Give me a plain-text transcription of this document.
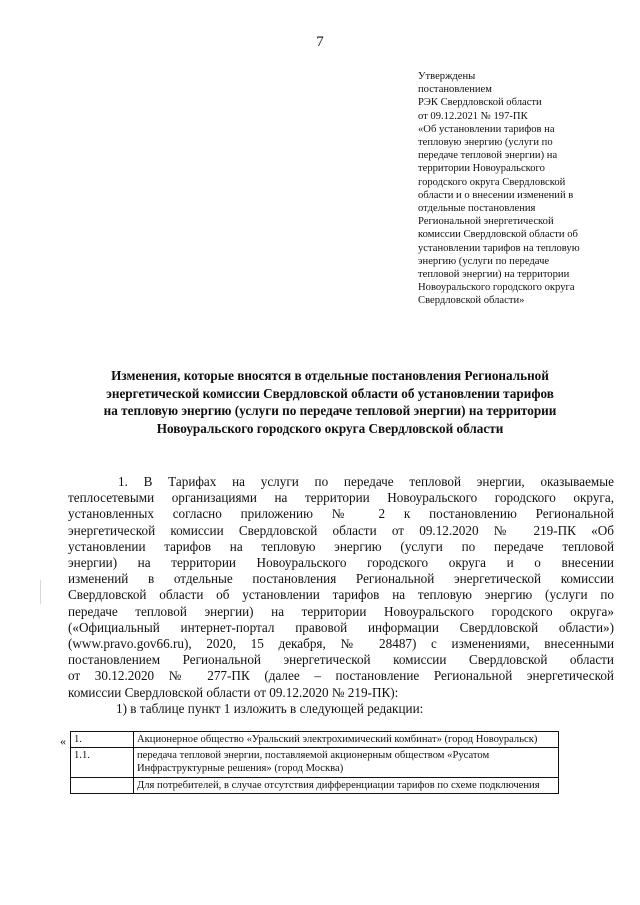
7
Утверждены
постановлением
РЭК Свердловской области
от 09.12.2021 № 197-ПК
«Об установлении тарифов на
тепловую энергию (услуги по
передаче тепловой энергии) на
территории Новоуральского
городского округа Свердловской
области и о внесении изменений в
отдельные постановления
Региональной энергетической
комиссии Свердловской области об
установлении тарифов на тепловую
энергию (услуги по передаче
тепловой энергии) на территории
Новоуральского городского округа
Свердловской области»
Изменения, которые вносятся в отдельные постановления Региональной
энергетической комиссии Свердловской области об установлении тарифов
на тепловую энергию (услуги по передаче тепловой энергии) на территории
Новоуральского городского округа Свердловской области
1. В Тарифах на услуги по передаче тепловой энергии, оказываемые
теплосетевыми организациями на территории Новоуральского городского округа,
установленных согласно приложению № 2 к постановлению Региональной
энергетической комиссии Свердловской области от 09.12.2020 № 219-ПК «Об
установлении тарифов на тепловую энергию (услуги по передаче тепловой
энергии) на территории Новоуральского городского округа и о внесении
изменений в отдельные постановления Региональной энергетической комиссии
Свердловской области об установлении тарифов на тепловую энергию (услуги по
передаче тепловой энергии) на территории Новоуральского городского округа»
(«Официальный интернет-портал правовой информации Свердловской области»)
(www.pravo.gov66.ru), 2020, 15 декабря, № 28487) с изменениями, внесенными
постановлением Региональной энергетической комиссии Свердловской области
от 30.12.2020 № 277-ПК (далее – постановление Региональной энергетической
комиссии Свердловской области от 09.12.2020 № 219-ПК):
1) в таблице пункт 1 изложить в следующей редакции:
« 1.	Акционерное общество «Уральский электрохимический комбинат» (город Новоуральск)
1.1.	передача тепловой энергии, поставляемой акционерным обществом «Русатом Инфраструктурные решения» (город Москва)
	Для потребителей, в случае отсутствия дифференциации тарифов по схеме подключения
